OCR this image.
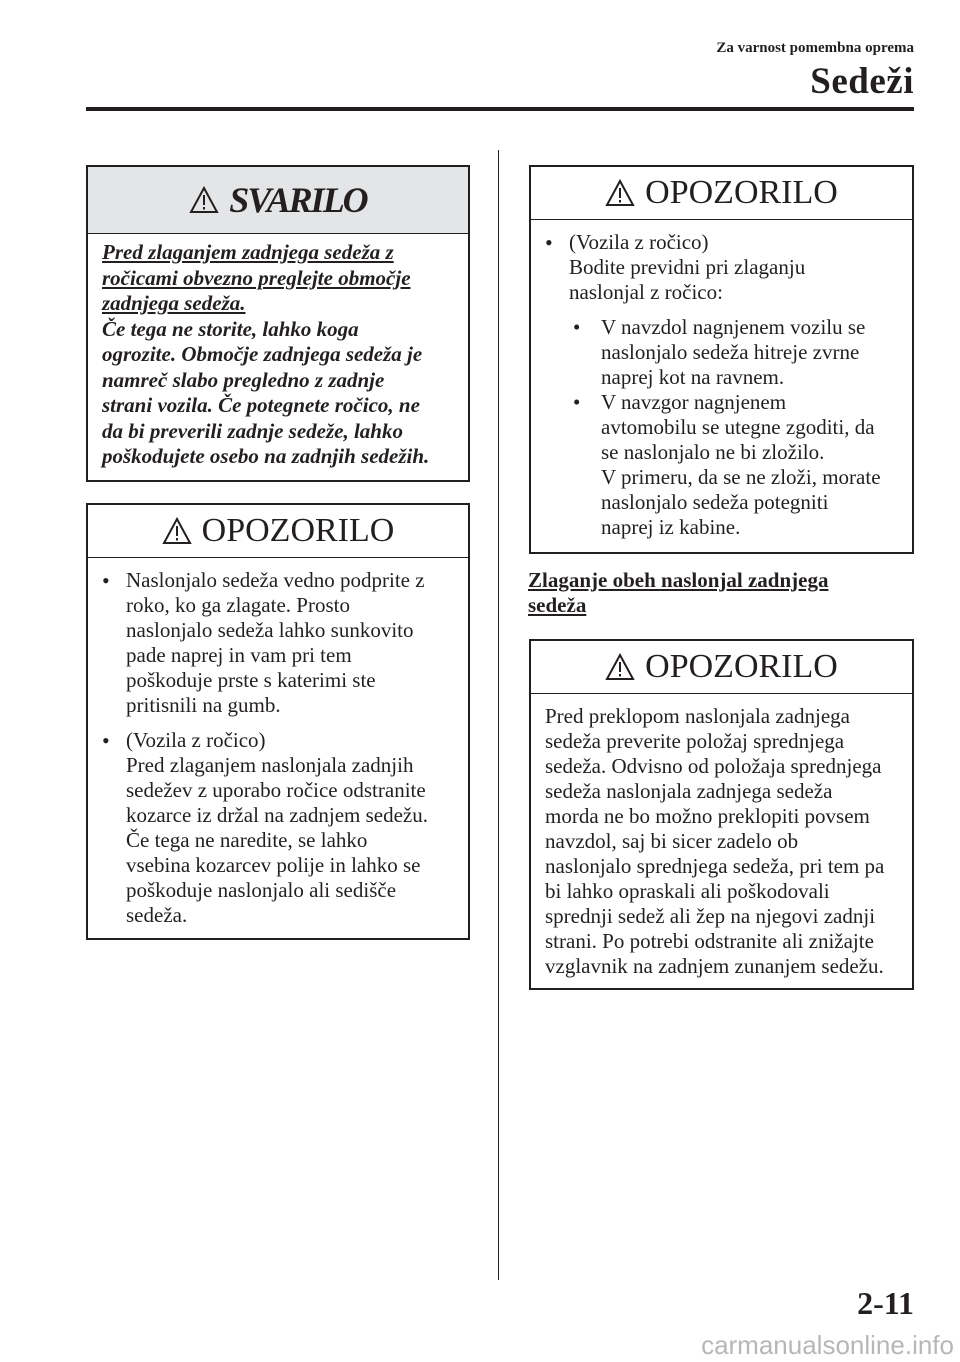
Za varnost pomembna oprema
Sedeži
SVARILO
Pred zlaganjem zadnjega sedeža z
ročicami obvezno preglejte območje
zadnjega sedeža.
Če tega ne storite, lahko koga
ogrozite. Območje zadnjega sedeža je
namreč slabo pregledno z zadnje
strani vozila. Če potegnete ročico, ne
da bi preverili zadnje sedeže, lahko
poškodujete osebo na zadnjih sedežih.
OPOZORILO
• Naslonjalo sedeža vedno podprite z

roko, ko ga zlagate. Prosto

naslonjalo sedeža lahko sunkovito

pade naprej in vam pri tem

poškoduje prste s katerimi ste

pritisnili na gumb.

• (Vozila z ročico)

Pred zlaganjem naslonjala zadnjih

sedežev z uporabo ročice odstranite

kozarce iz držal na zadnjem sedežu.

Če tega ne naredite, se lahko

vsebina kozarcev polije in lahko se

poškoduje naslonjalo ali sedišče

sedeža.

OPOZORILO
• (Vozila z ročico)

Bodite previdni pri zlaganju

naslonjal z ročico:

• V navzdol nagnjenem vozilu se

naslonjalo sedeža hitreje zvrne

naprej kot na ravnem.

• V navzgor nagnjenem

avtomobilu se utegne zgoditi, da

se naslonjalo ne bi zložilo.

V primeru, da se ne zloži, morate

naslonjalo sedeža potegniti

naprej iz kabine.

Zlaganje obeh naslonjal zadnjega
sedeža
OPOZORILO
Pred preklopom naslonjala zadnjega
sedeža preverite položaj sprednjega
sedeža. Odvisno od položaja sprednjega
sedeža naslonjala zadnjega sedeža
morda ne bo možno preklopiti povsem
navzdol, saj bi sicer zadelo ob
naslonjalo sprednjega sedeža, pri tem pa
bi lahko opraskali ali poškodovali
sprednji sedež ali žep na njegovi zadnji
strani. Po potrebi odstranite ali znižajte
vzglavnik na zadnjem zunanjem sedežu.
2-11
carmanualsonline.info
